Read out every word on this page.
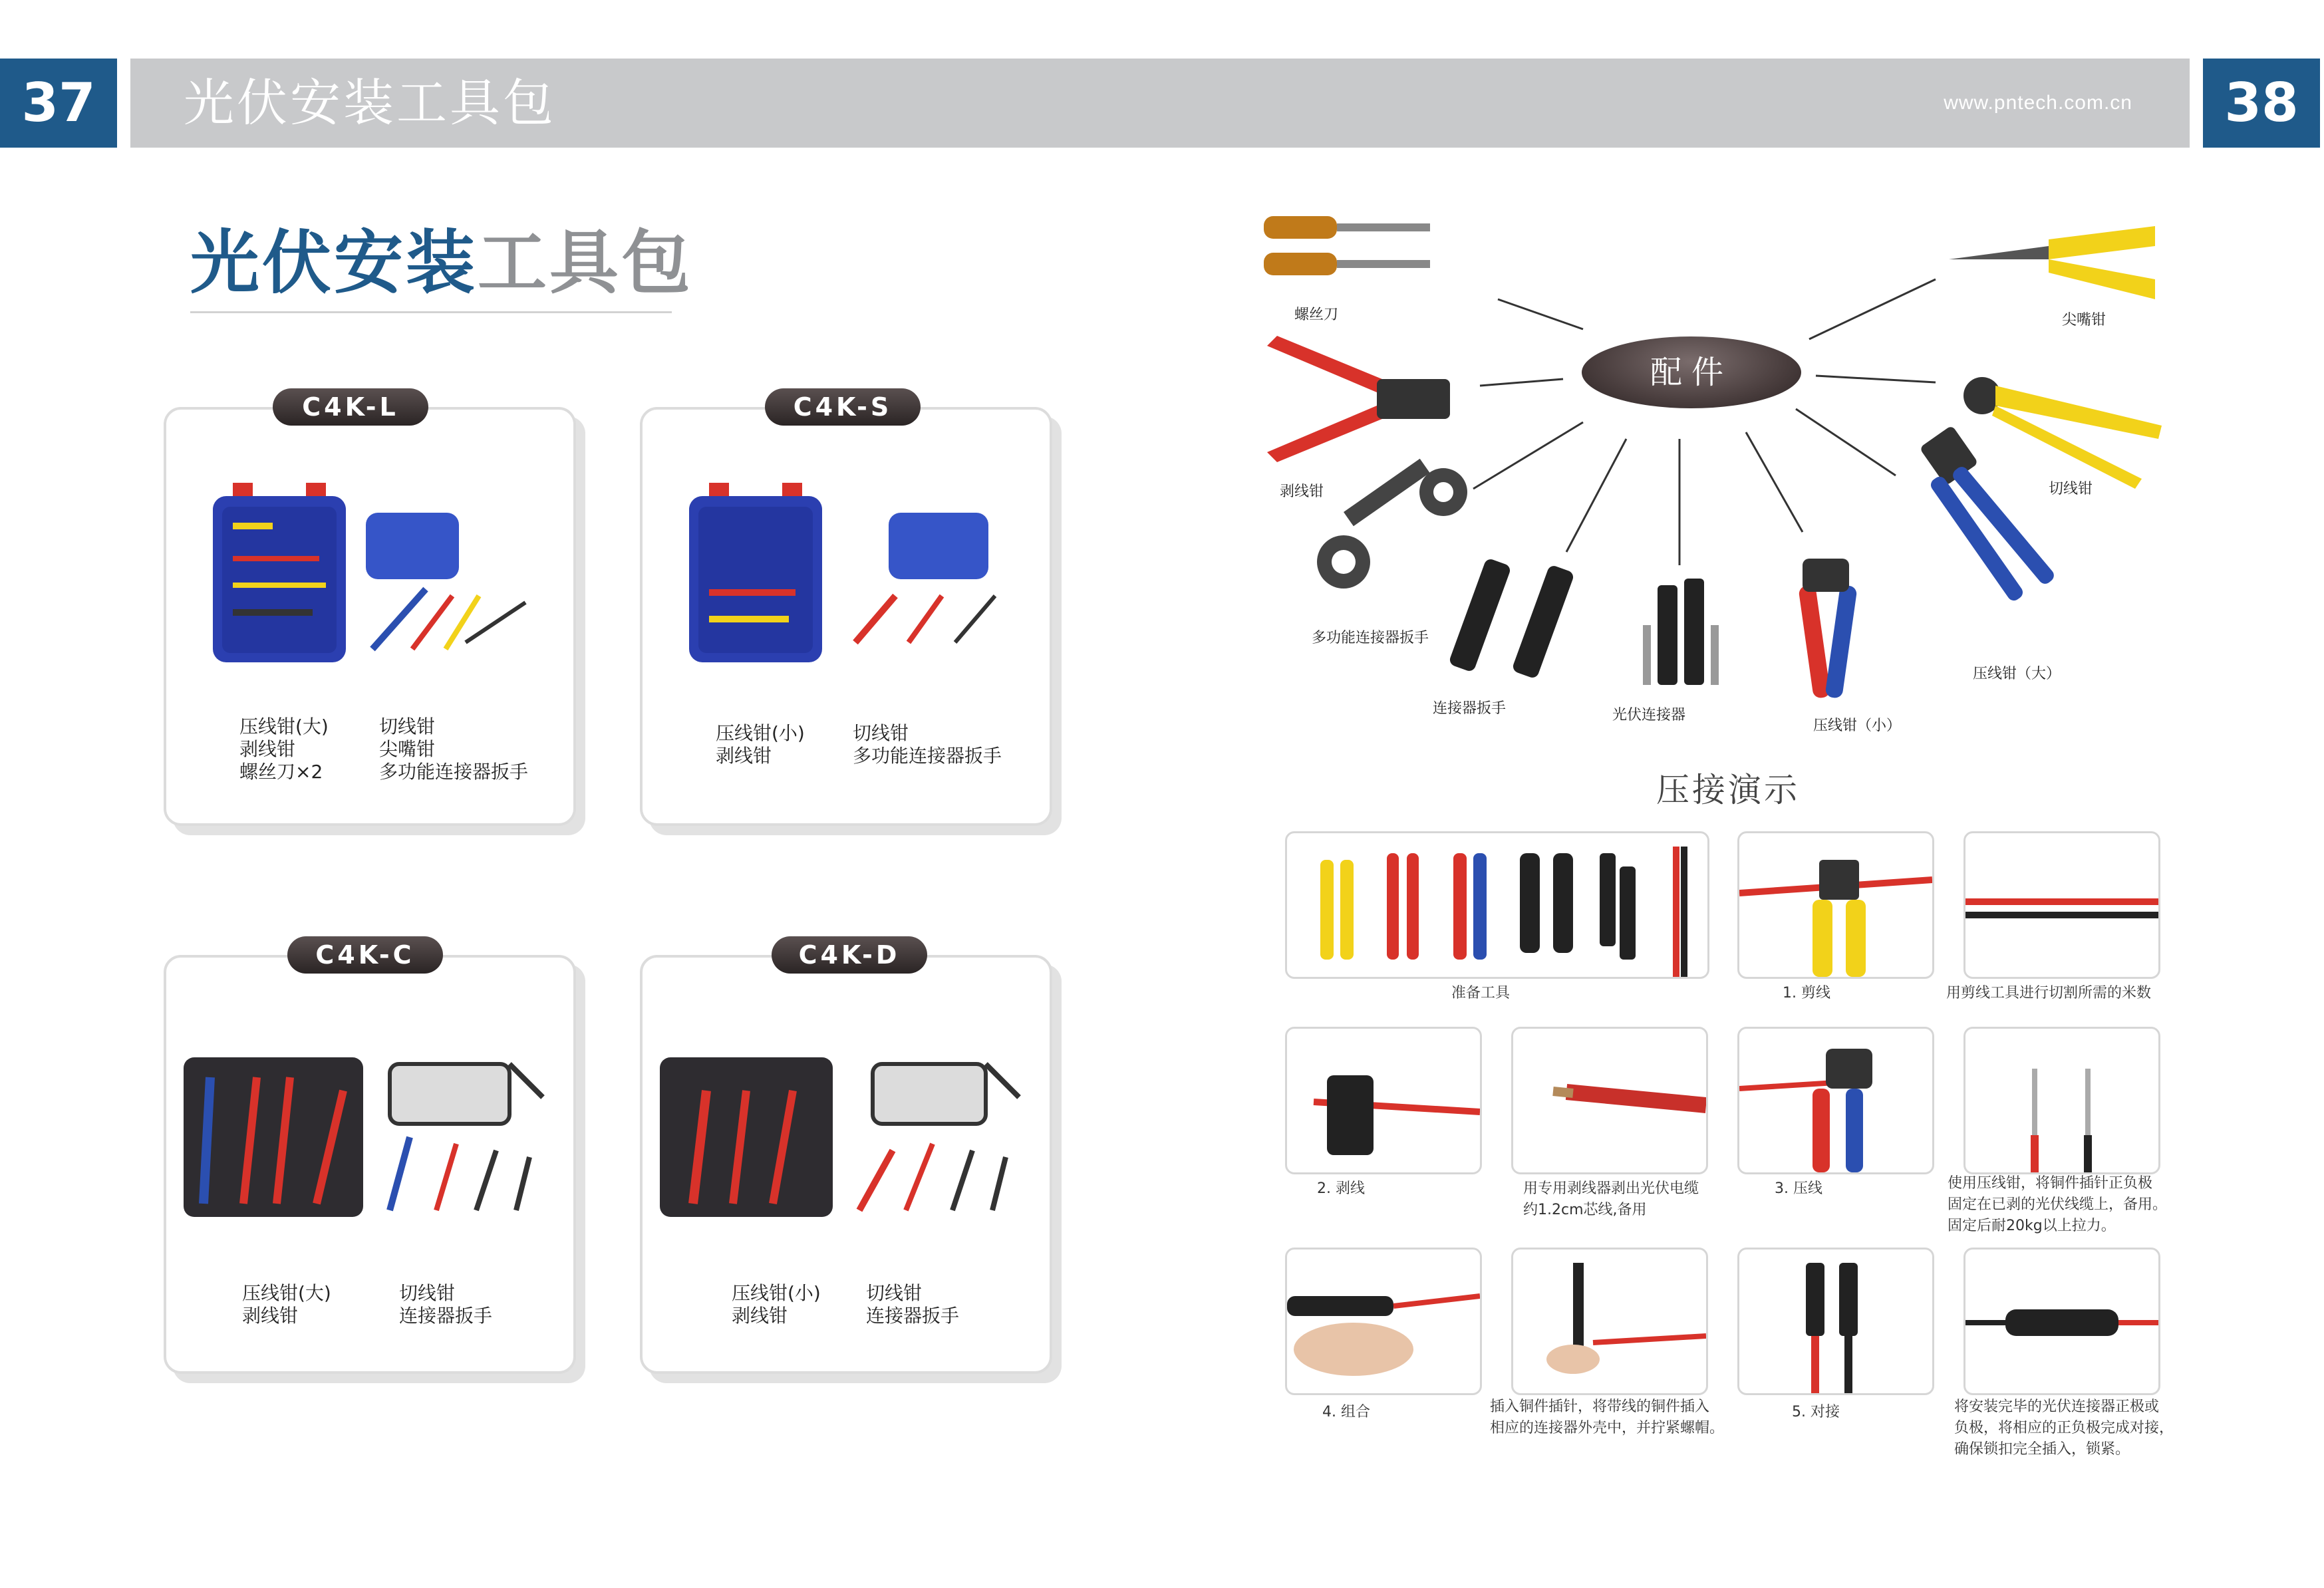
37	光伏安装工具包	www.pntech.com.cn	38
光伏安装工具包
压线钳(大)
剥线钳
螺丝刀×2
切线钳
尖嘴钳
多功能连接器扳手
C4K-L
压线钳(小)
剥线钳
切线钳
多功能连接器扳手
C4K-S
压线钳(大)
剥线钳
切线钳
连接器扳手
C4K-C
压线钳(小)
剥线钳
切线钳
连接器扳手
C4K-D
配件
螺丝刀	尖嘴钳
剥线钳	切线钳
多功能连接器扳手
连接器扳手	光伏连接器
压线钳（小）
压线钳（大）
压接演示
准备工具	1. 剪线	用剪线工具进行切割所需的米数
2. 剥线	用专用剥线器剥出光伏电缆
约1.2cm芯线,备用
3. 压线	使用压线钳，将铜件插针正负极
固定在已剥的光伏线缆上，备用。
固定后耐20kg以上拉力。
4. 组合	插入铜件插针，将带线的铜件插入
相应的连接器外壳中，并拧紧螺帽。
5. 对接	将安装完毕的光伏连接器正极或
负极，将相应的正负极完成对接，
确保锁扣完全插入，锁紧。
